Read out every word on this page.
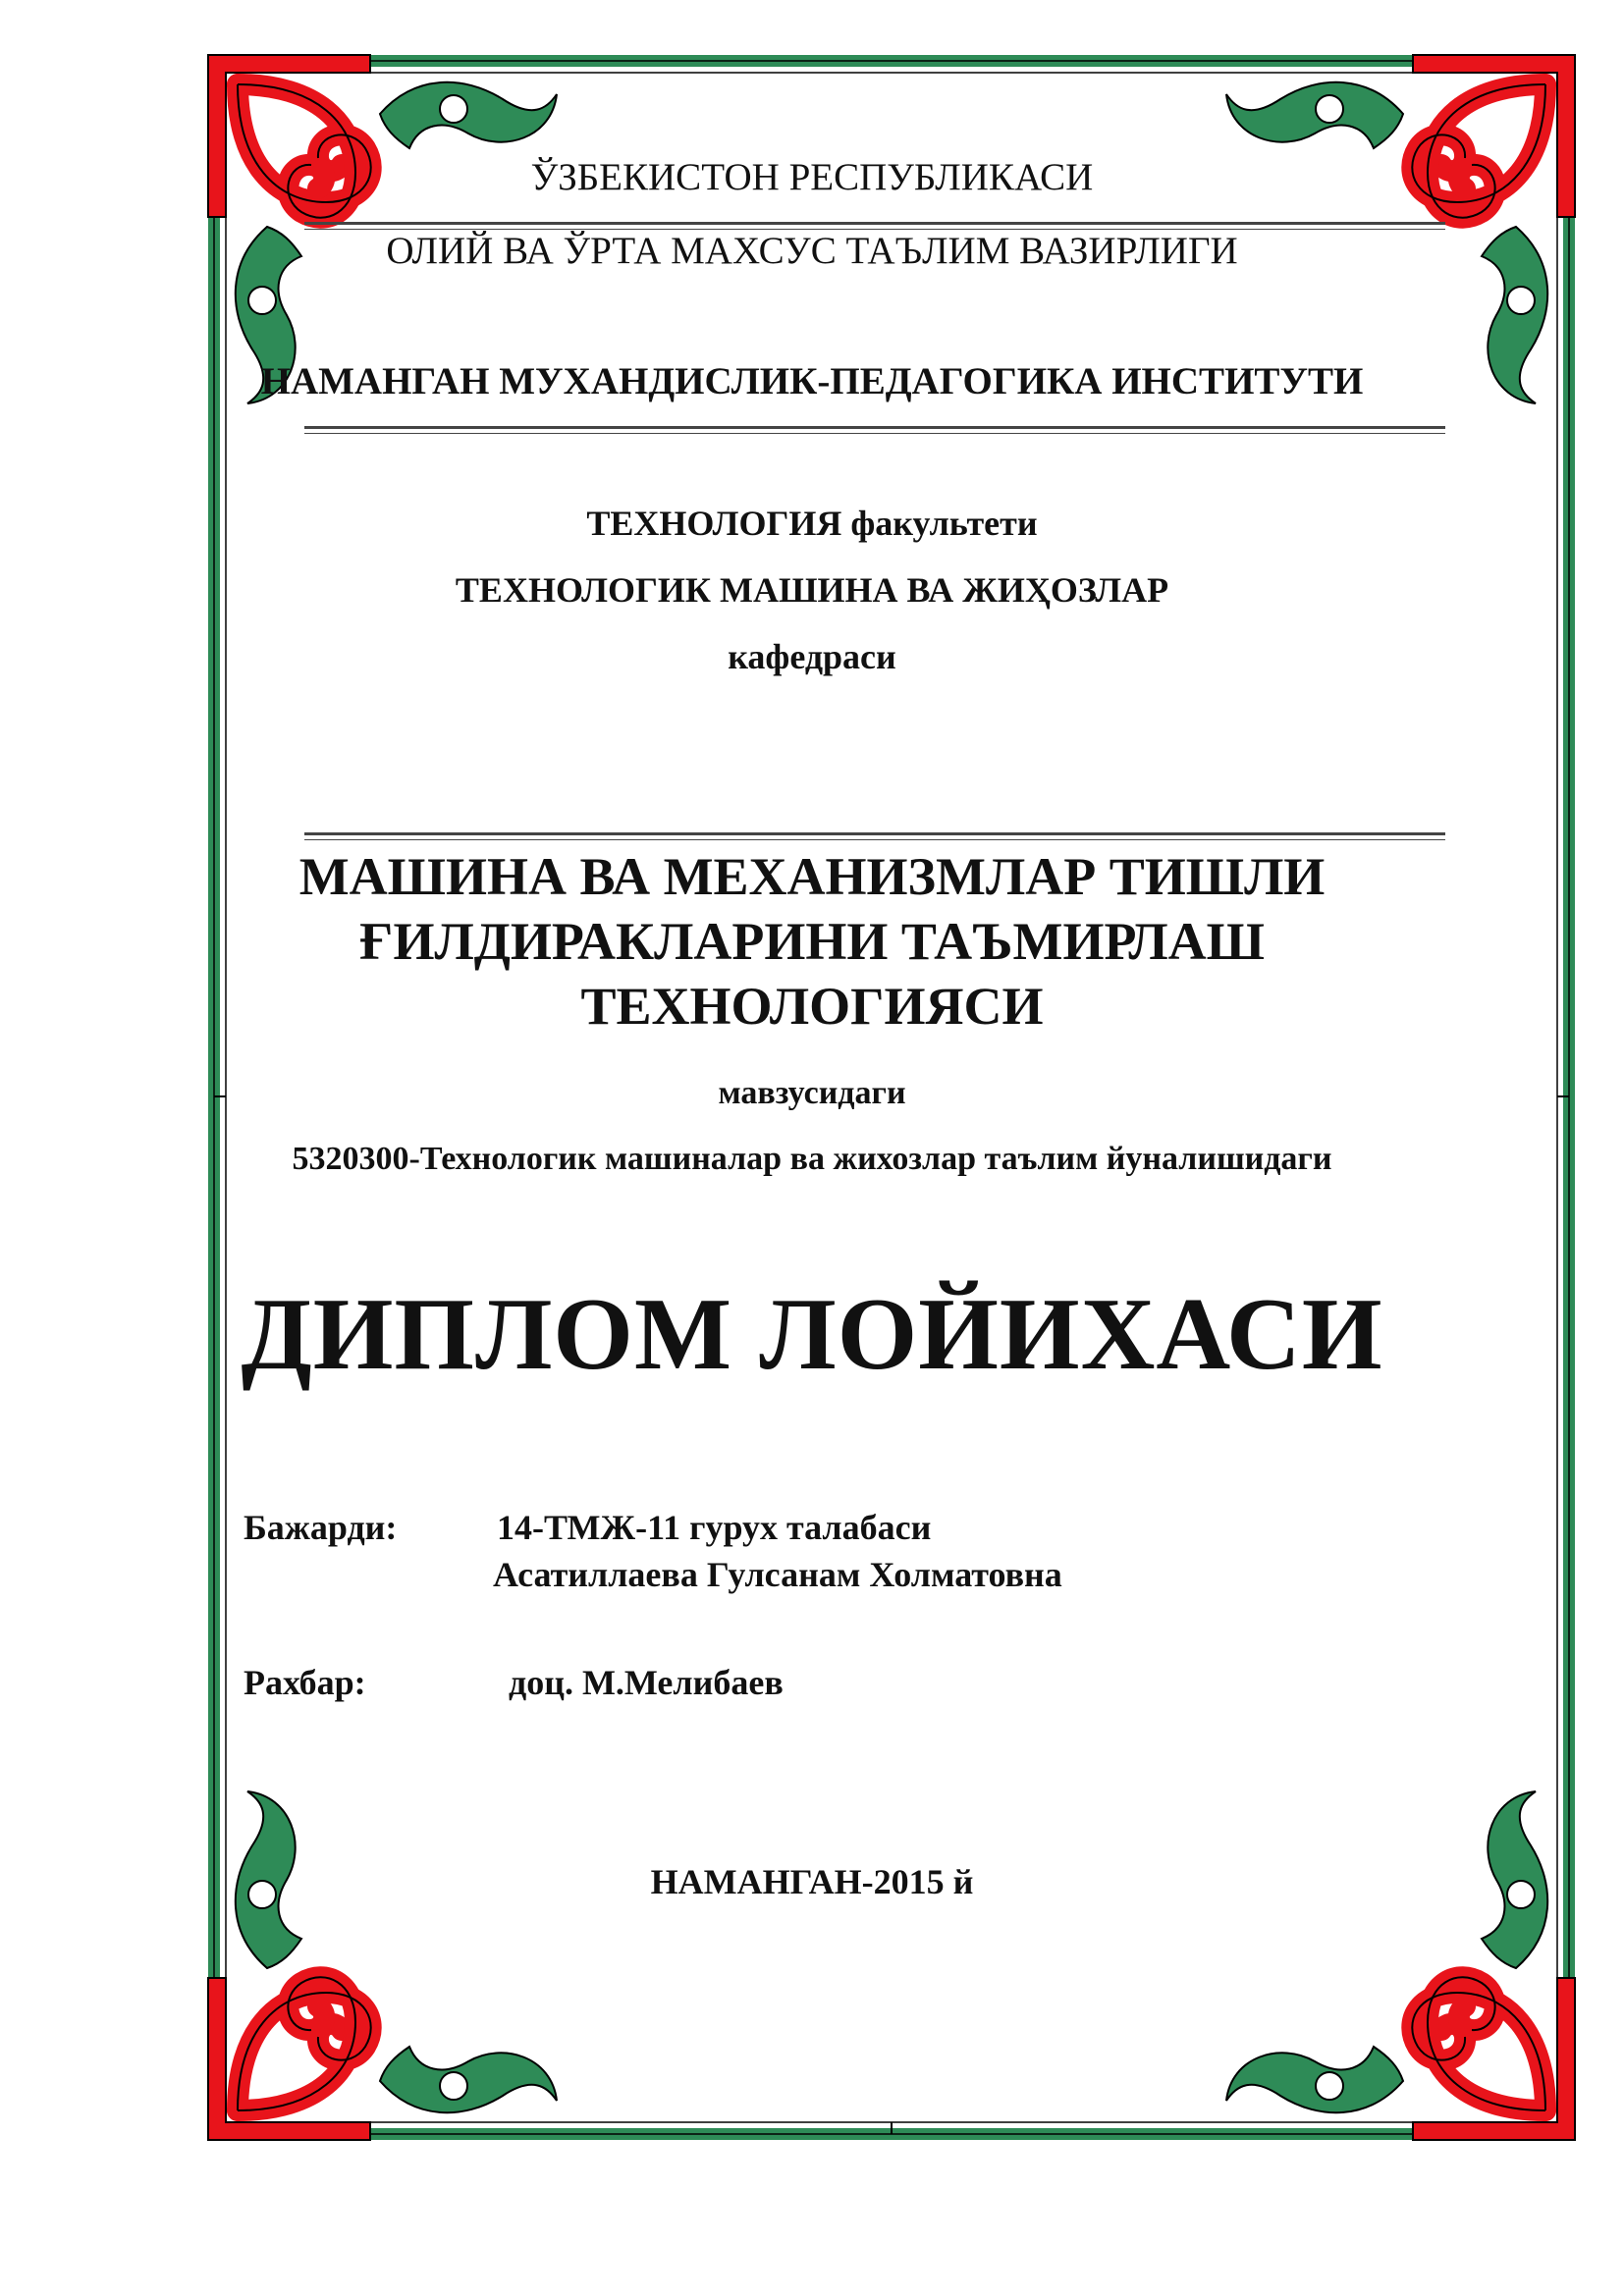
ЎЗБЕКИСТОН РЕСПУБЛИКАСИ

ОЛИЙ ВА ЎРТА МАХСУС ТАЪЛИМ ВАЗИРЛИГИ

НАМАНГАН МУХАНДИСЛИК-ПЕДАГОГИКА ИНСТИТУТИ

ТЕХНОЛОГИЯ факультети

ТЕХНОЛОГИК МАШИНА ВА ЖИҲОЗЛАР

кафедраси

МАШИНА ВА МЕХАНИЗМЛАР ТИШЛИ
ҒИЛДИРАКЛАРИНИ ТАЪМИРЛАШ
ТЕХНОЛОГИЯСИ

мавзусидаги

5320300-Технологик машиналар ва жихозлар таълим йуналишидаги

ДИПЛОМ ЛОЙИХАСИ

Бажарди:	14-ТМЖ-11 гурух талабаси
Асатиллаева Гулсанам Холматовна
Рахбар:	доц. М.Мелибаев

НАМАНГАН-2015 й
